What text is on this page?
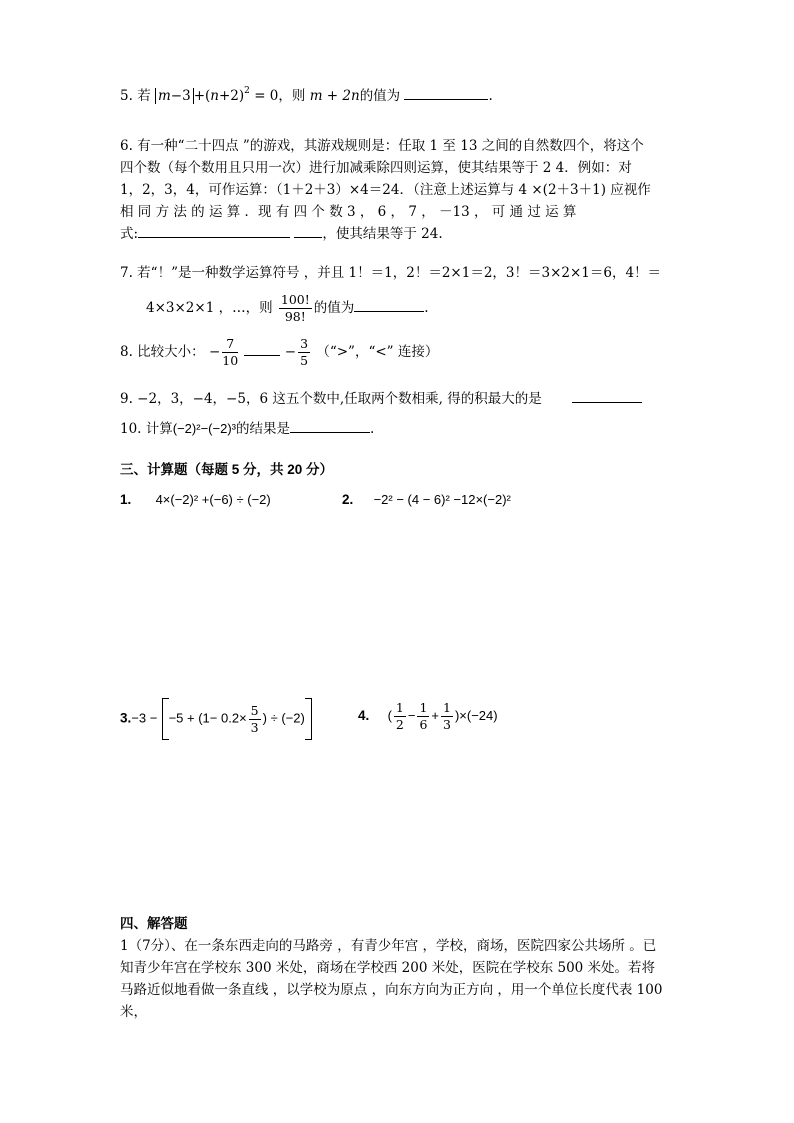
5. 若 $m-3 +(n+2)^2 = 0$，则 m + 2n的值为	.
6. 有一种“二十四点 ”的游戏，其游戏规则是：任取 1 至 13 之间的自然数四个，将这个
四个数（每个数用且只用一次）进行加减乘除四则运算，使其结果等于 2 4．例如：对
1，2，3，4，可作运算：（1＋2＋3）×4＝24．（注意上述运算与 4 ×(2＋3＋1) 应视作
相 同 方 法 的 运 算 ．现 有 四 个 数 3 ， 6 ， 7 ， －13 ， 可 通 过 运 算
式:	，使其结果等于 24.
7. 若“！”是一种数学运算符号 ，并且 1！＝1，2！＝2×1＝2，3！＝3×2×1＝6，4！＝
4×3×2×1 ，…，则 $\frac{100!}{98!}$ 的值为	.
8. 比较大小： − $\frac{7}{10}$	− $\frac{3}{5}$ （“>”，“<” 连接）
9. −2，3，−4，−5，6 这五个数中,任取两个数相乘, 得的积最大的是
10. 计算(−2)²−(−2)³的结果是	.
三、计算题（每题 5 分，共 20 分）
1. 4×(−2)² +(−6) ÷ (−2)	2. −2² − (4 − 6)² −12×(−2)²
$3.-3 - -5 + (1- 0.2\times \frac{5}{3}$ ) ÷ (−2)	4. ( $\frac{1}{2} - \frac{1}{6} + \frac{1}{3} )\times(-24)$
四、解答题
1（7分）、在一条东西走向的马路旁 ，有青少年宫 ，学校，商场，医院四家公共场所 。已
知青少年宫在学校东 300 米处，商场在学校西 200 米处，医院在学校东 500 米处。若将
马路近似地看做一条直线 ，以学校为原点 ，向东方向为正方向 ，用一个单位长度代表 100
米，
